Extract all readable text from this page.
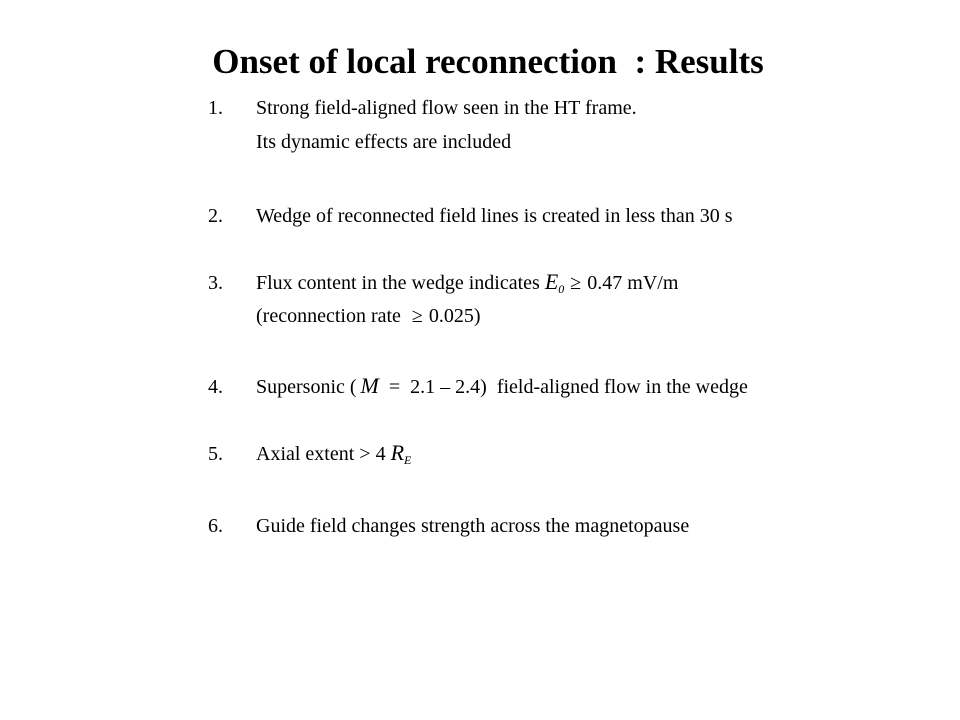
Onset of local reconnection  : Results
1. Strong field-aligned flow seen in the HT frame.
Its dynamic effects are included
2. Wedge of reconnected field lines is created in less than 30 s
3. Flux content in the wedge indicates $E_0 \ge 0.47$ mV/m
(reconnection rate ≥ 0.025)
4. Supersonic ( M = 2.1 – 2.4)  field-aligned flow in the wedge
5. Axial extent > 4 $R_E$
6. Guide field changes strength across the magnetopause
